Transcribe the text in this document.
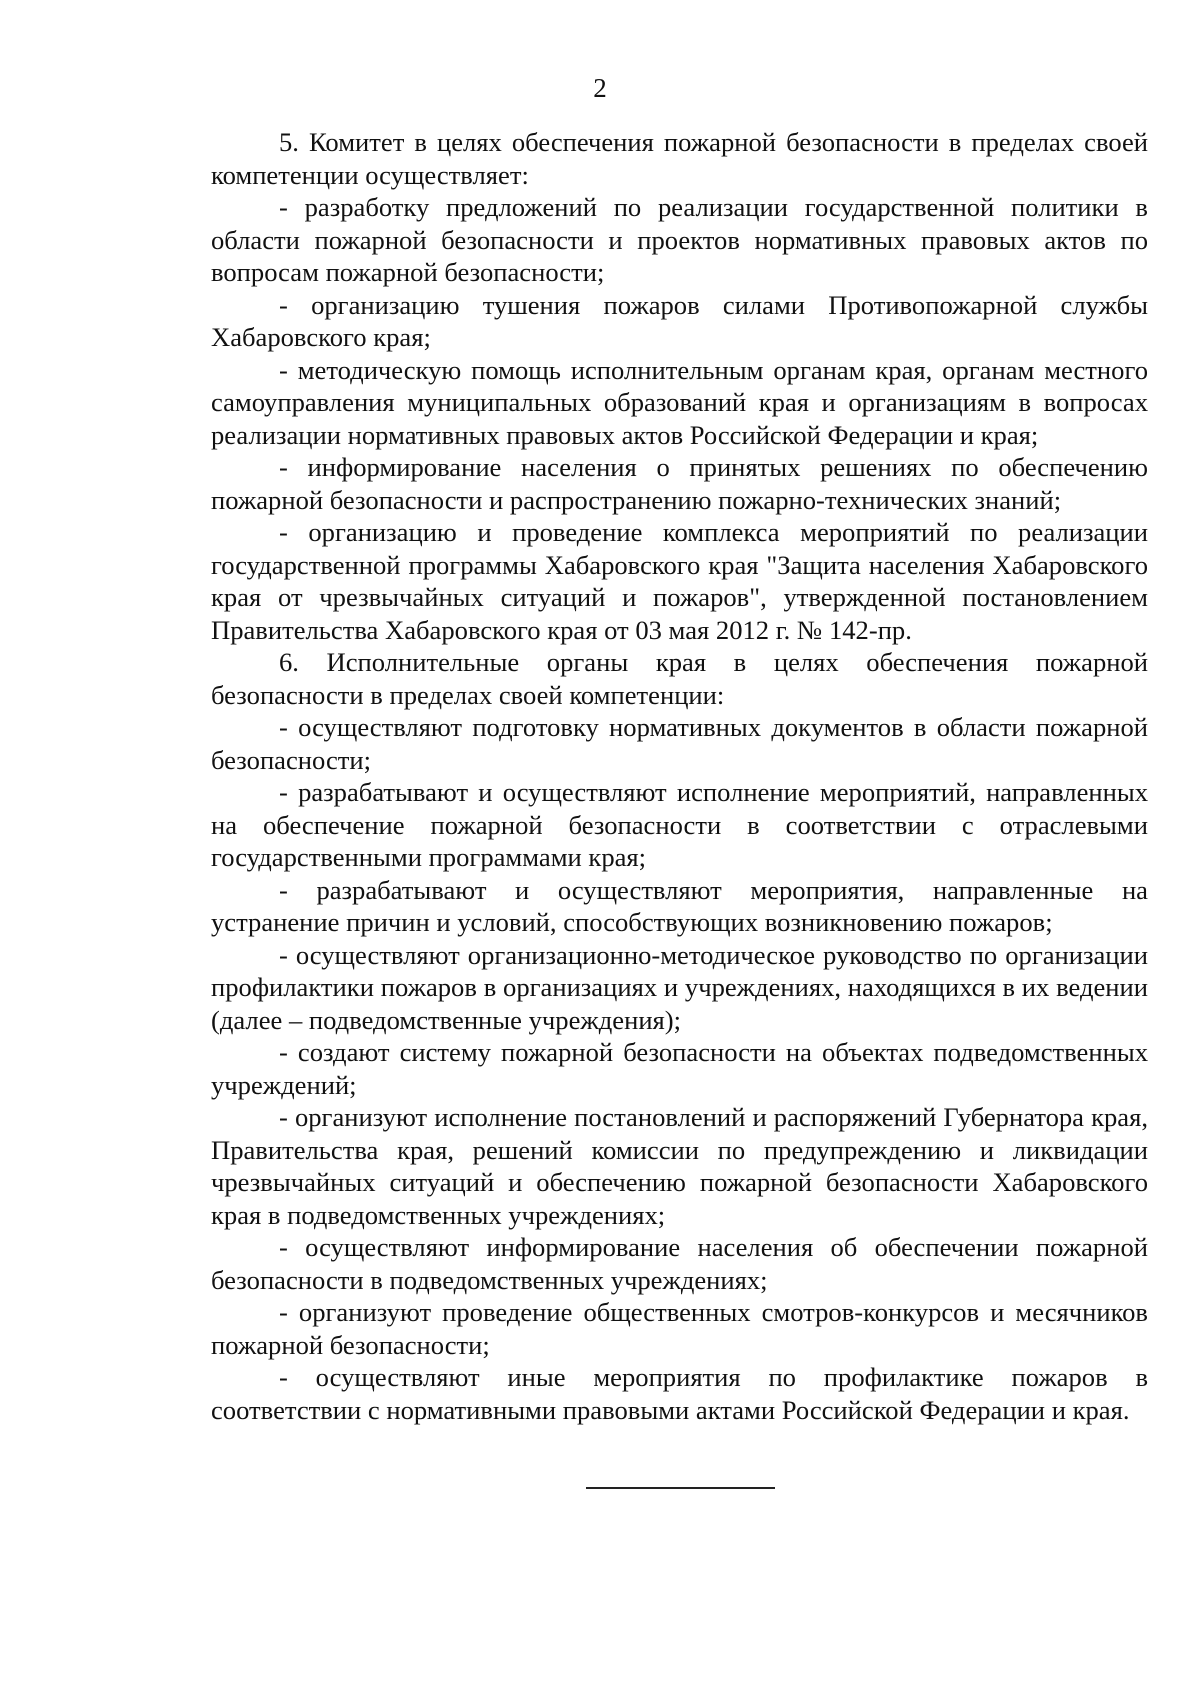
2

5. Комитет в целях обеспечения пожарной безопасности в пределах своей компетенции осуществляет:

- разработку предложений по реализации государственной политики в области пожарной безопасности и проектов нормативных правовых актов по вопросам пожарной безопасности;

- организацию тушения пожаров силами Противопожарной службы Хабаровского края;

- методическую помощь исполнительным органам края, органам местного самоуправления муниципальных образований края и организациям в вопросах реализации нормативных правовых актов Российской Федерации и края;

- информирование населения о принятых решениях по обеспечению пожарной безопасности и распространению пожарно-технических знаний;

- организацию и проведение комплекса мероприятий по реализации государственной программы Хабаровского края "Защита населения Хабаровского края от чрезвычайных ситуаций и пожаров", утвержденной постановлением Правительства Хабаровского края от 03 мая 2012 г. № 142-пр.

6. Исполнительные органы края в целях обеспечения пожарной безопасности в пределах своей компетенции:

- осуществляют подготовку нормативных документов в области пожарной безопасности;

- разрабатывают и осуществляют исполнение мероприятий, направленных на обеспечение пожарной безопасности в соответствии с отраслевыми государственными программами края;

- разрабатывают и осуществляют мероприятия, направленные на устранение причин и условий, способствующих возникновению пожаров;

- осуществляют организационно-методическое руководство по организации профилактики пожаров в организациях и учреждениях, находящихся в их ведении (далее – подведомственные учреждения);

- создают систему пожарной безопасности на объектах подведомственных учреждений;

- организуют исполнение постановлений и распоряжений Губернатора края, Правительства края, решений комиссии по предупреждению и ликвидации чрезвычайных ситуаций и обеспечению пожарной безопасности Хабаровского края в подведомственных учреждениях;

- осуществляют информирование населения об обеспечении пожарной безопасности в подведомственных учреждениях;

- организуют проведение общественных смотров-конкурсов и месячников пожарной безопасности;

- осуществляют иные мероприятия по профилактике пожаров в соответствии с нормативными правовыми актами Российской Федерации и края.
